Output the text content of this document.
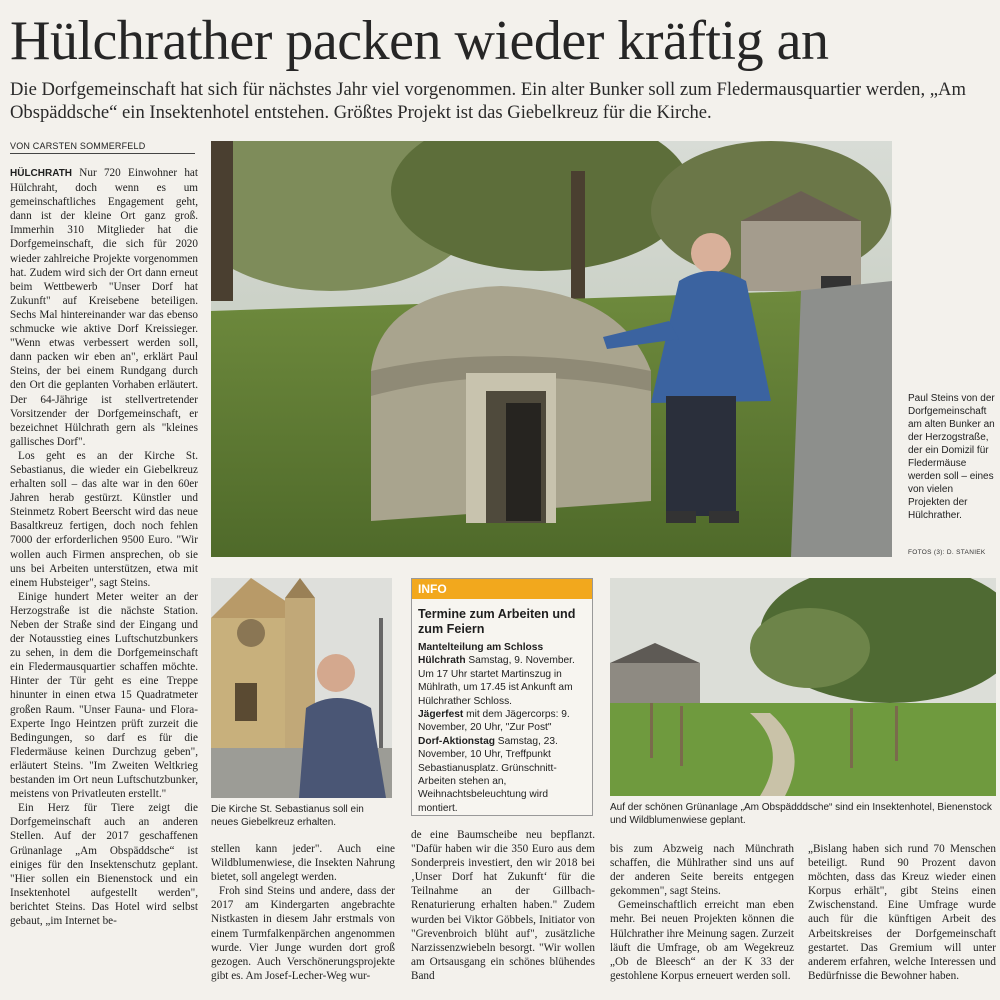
Hülchrather packen wieder kräftig an

Die Dorfgemeinschaft hat sich für nächstes Jahr viel vorgenommen. Ein alter Bunker soll zum Fledermausquartier werden, „Am Obspäddsche“ ein Insektenhotel entstehen. Größtes Projekt ist das Giebelkreuz für die Kirche.

VON CARSTEN SOMMERFELD

HÜLCHRATH Nur 720 Einwohner hat Hülchraht, doch wenn es um gemeinschaftliches Engagement geht, dann ist der kleine Ort ganz groß. Immerhin 310 Mitglieder hat die Dorfgemeinschaft, die sich für 2020 wieder zahlreiche Projekte vorgenommen hat. Zudem wird sich der Ort dann erneut beim Wettbewerb "Unser Dorf hat Zukunft" auf Kreisebene beteiligen. Sechs Mal hintereinander war das ebenso schmucke wie aktive Dorf Kreissieger. "Wenn etwas verbessert werden soll, dann packen wir eben an", erklärt Paul Steins, der bei einem Rundgang durch den Ort die geplanten Vorhaben erläutert. Der 64-Jährige ist stellvertretender Vorsitzender der Dorfgemeinschaft, er bezeichnet Hülchrath gern als "kleines gallisches Dorf".

Los geht es an der Kirche St. Sebastianus, die wieder ein Giebelkreuz erhalten soll – das alte war in den 60er Jahren herab gestürzt. Künstler und Steinmetz Robert Beerscht wird das neue Basaltkreuz fertigen, doch noch fehlen 7000 der erforderlichen 9500 Euro. "Wir wollen auch Firmen ansprechen, ob sie uns bei Arbeiten unterstützen, etwa mit einem Hubsteiger", sagt Steins.

Einige hundert Meter weiter an der Herzogstraße ist die nächste Station. Neben der Straße sind der Eingang und der Notausstieg eines Luftschutzbunkers zu sehen, in dem die Dorfgemeinschaft ein Fledermausquartier schaffen möchte. Hinter der Tür geht es eine Treppe hinunter in einen etwa 15 Quadratmeter großen Raum. "Unser Fauna- und Flora-Experte Ingo Heintzen prüft zurzeit die Bedingungen, so darf es für die Fledermäuse keinen Durchzug geben", erläutert Steins. "Im Zweiten Weltkrieg bestanden im Ort neun Luftschutzbunker, meistens von Privatleuten erstellt."

Ein Herz für Tiere zeigt die Dorfgemeinschaft auch an anderen Stellen. Auf der 2017 geschaffenen Grünanlage „Am Obspäddsche“ ist einiges für den Insektenschutz geplant. "Hier sollen ein Bienenstock und ein Insektenhotel aufgestellt werden", berichtet Steins. Das Hotel wird selbst gebaut, „im Internet be-

Paul Steins von der Dorfgemeinschaft am alten Bunker an der Herzogstraße, der ein Domizil für Fledermäuse werden soll – eines von vielen Projekten der Hülchrather.
FOTOS (3): D. STANIEK
Die Kirche St. Sebastianus soll ein neues Giebelkreuz erhalten.
INFO
Termine zum Arbeiten und zum Feiern
Mantelteilung am Schloss Hülchrath Samstag, 9. November. Um 17 Uhr startet Martinszug in Mühlrath, um 17.45 ist Ankunft am Hülchrather Schloss.
Jägerfest mit dem Jägercorps: 9. November, 20 Uhr, "Zur Post"
Dorf-Aktionstag Samstag, 23. November, 10 Uhr, Treffpunkt Sebastianusplatz. Grünschnitt-Arbeiten stehen an, Weihnachtsbeleuchtung wird montiert.	Auf der schönen Grünanlage „Am Obspädddsche“ sind ein Insektenhotel, Bienenstock und Wildblumenwiese geplant.

stellen kann jeder". Auch eine Wildblumenwiese, die Insekten Nahrung bietet, soll angelegt werden.

Froh sind Steins und andere, dass der 2017 am Kindergarten angebrachte Nistkasten in diesem Jahr erstmals von einem Turmfalkenpärchen angenommen wurde. Vier Junge wurden dort groß gezogen. Auch Verschönerungsprojekte gibt es. Am Josef-Lecher-Weg wur-

de eine Baumscheibe neu bepflanzt. "Dafür haben wir die 350 Euro aus dem Sonderpreis investiert, den wir 2018 bei ‚Unser Dorf hat Zukunft‘ für die Teilnahme an der Gillbach-Renaturierung erhalten haben." Zudem wurden bei Viktor Göbbels, Initiator von "Grevenbroich blüht auf", zusätzliche Narzissenzwiebeln besorgt. "Wir wollen am Ortsausgang ein schönes blühendes Band

bis zum Abzweig nach Münchrath schaffen, die Mühlrather sind uns auf der anderen Seite bereits entgegen gekommen", sagt Steins.

Gemeinschaftlich erreicht man eben mehr. Bei neuen Projekten können die Hülchrather ihre Meinung sagen. Zurzeit läuft die Umfrage, ob am Wegekreuz „Ob de Bleesch“ an der K 33 der gestohlene Korpus erneuert werden soll.

„Bislang haben sich rund 70 Menschen beteiligt. Rund 90 Prozent davon möchten, dass das Kreuz wieder einen Korpus erhält", gibt Steins einen Zwischenstand. Eine Umfrage wurde auch für die künftigen Arbeit des Arbeitskreises der Dorfgemeinschaft gestartet. Das Gremium will unter anderem erfahren, welche Interessen und Bedürfnisse die Bewohner haben.
